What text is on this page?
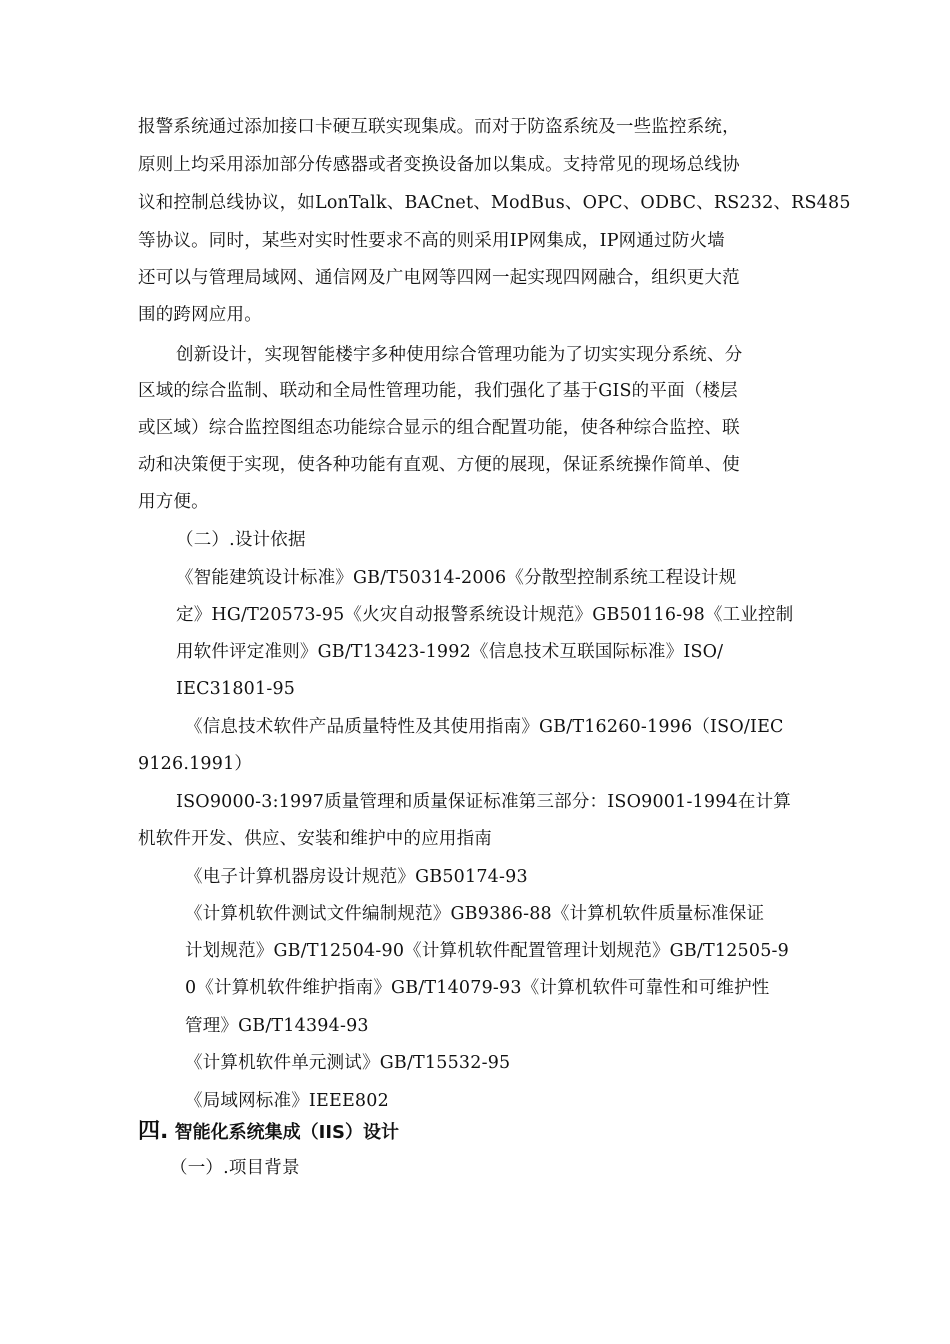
报警系统通过添加接口卡硬互联实现集成。而对于防盗系统及一些监控系统，
原则上均采用添加部分传感器或者变换设备加以集成。支持常见的现场总线协
议和控制总线协议，如LonTalk、BACnet、ModBus、OPC、ODBC、RS232、RS485
等协议。同时，某些对实时性要求不高的则采用IP网集成，IP网通过防火墙
还可以与管理局域网、通信网及广电网等四网一起实现四网融合，组织更大范
围的跨网应用。
创新设计，实现智能楼宇多种使用综合管理功能为了切实实现分系统、分
区域的综合监制、联动和全局性管理功能，我们强化了基于GIS的平面（楼层
或区域）综合监控图组态功能综合显示的组合配置功能，使各种综合监控、联
动和决策便于实现，使各种功能有直观、方便的展现，保证系统操作简单、使
用方便。
（二）.设计依据
《智能建筑设计标准》GB/T50314-2006《分散型控制系统工程设计规
定》HG/T20573-95《火灾自动报警系统设计规范》GB50116-98《工业控制
用软件评定准则》GB/T13423-1992《信息技术互联国际标准》ISO/
IEC31801-95
《信息技术软件产品质量特性及其使用指南》GB/T16260-1996（ISO/IEC
9126.1991）
ISO9000-3:1997质量管理和质量保证标准第三部分：ISO9001-1994在计算
机软件开发、供应、安装和维护中的应用指南
《电子计算机器房设计规范》GB50174-93
《计算机软件测试文件编制规范》GB9386-88《计算机软件质量标准保证
计划规范》GB/T12504-90《计算机软件配置管理计划规范》GB/T12505-9
0《计算机软件维护指南》GB/T14079-93《计算机软件可靠性和可维护性
管理》GB/T14394-93
《计算机软件单元测试》GB/T15532-95
《局域网标准》IEEE802
四. 智能化系统集成（IIS）设计
（一）.项目背景
